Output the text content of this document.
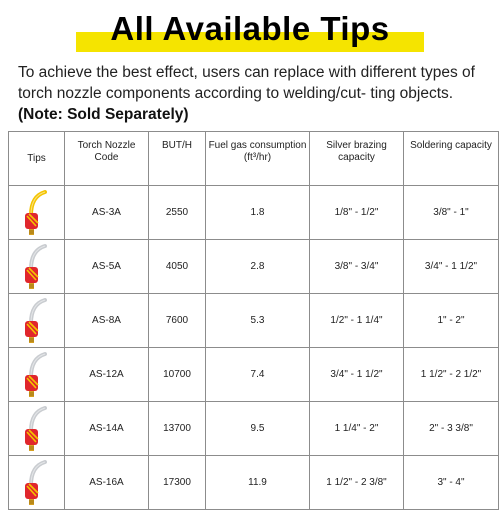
All Available Tips
To achieve the best effect, users can replace with different types of torch nozzle components according to welding/cut- ting objects.
(Note: Sold Separately)
Tips	Torch Nozzle Code	BUT/H	Fuel gas consumption (ft³/hr)	Silver brazing capacity	Soldering capacity

	AS-3A	2550	1.8	1/8" - 1/2"	3/8" - 1"

	AS-5A	4050	2.8	3/8" - 3/4"	3/4" - 1 1/2"

	AS-8A	7600	5.3	1/2" - 1 1/4"	1" - 2"

	AS-12A	10700	7.4	3/4" - 1 1/2"	1 1/2" - 2 1/2"

	AS-14A	13700	9.5	1 1/4" - 2"	2" - 3 3/8"

	AS-16A	17300	11.9	1 1/2" - 2 3/8"	3" - 4"
